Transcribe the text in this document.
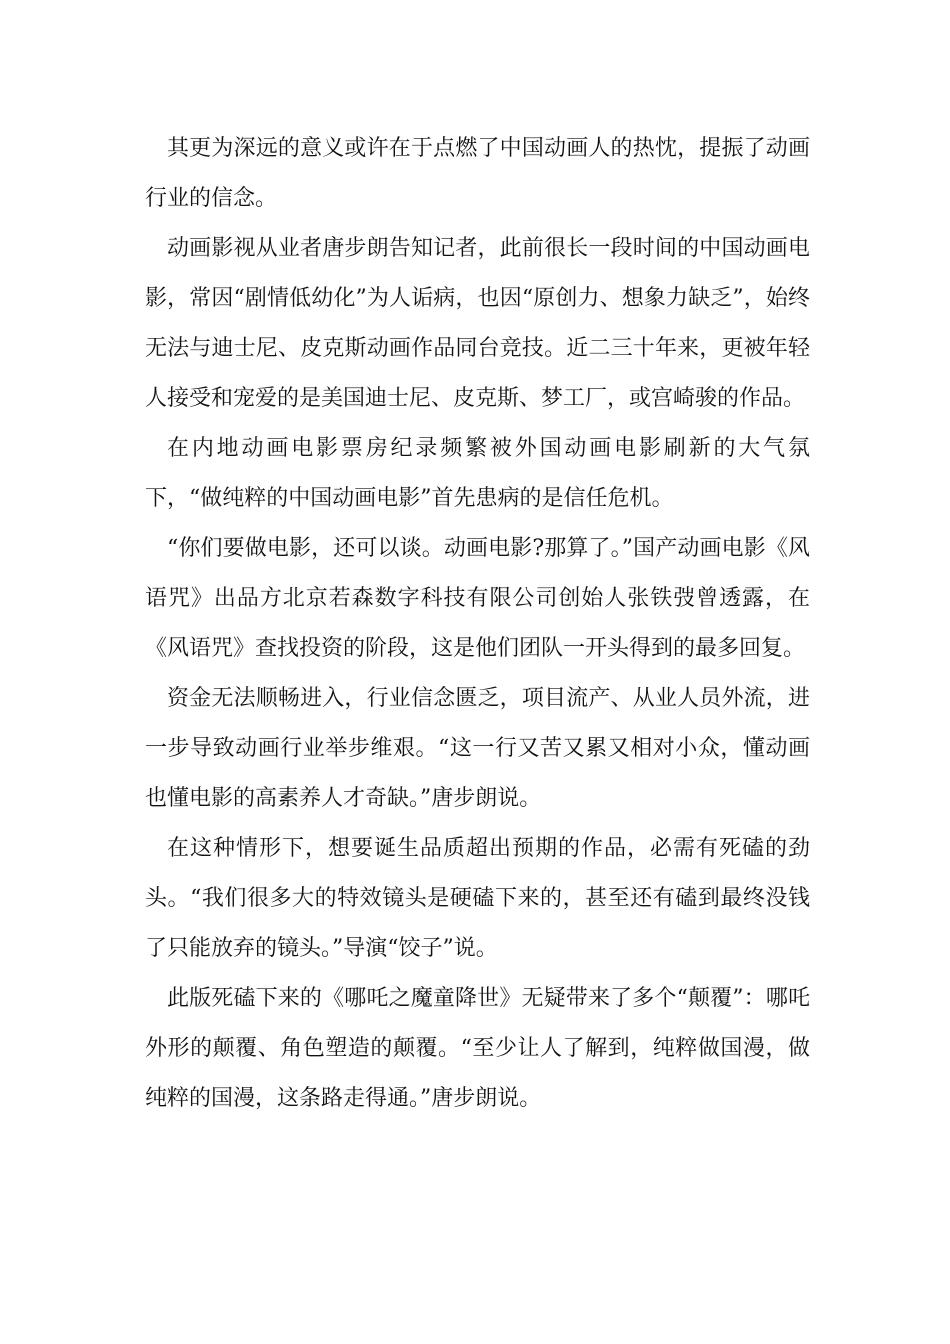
其更为深远的意义或许在于点燃了中国动画人的热忱，提振了动画行业的信念。

动画影视从业者唐步朗告知记者，此前很长一段时间的中国动画电影，常因“剧情低幼化”为人诟病，也因“原创力、想象力缺乏”，始终无法与迪士尼、皮克斯动画作品同台竞技。近二三十年来，更被年轻人接受和宠爱的是美国迪士尼、皮克斯、梦工厂，或宫崎骏的作品。

在内地动画电影票房纪录频繁被外国动画电影刷新的大气氛下，“做纯粹的中国动画电影”首先患病的是信任危机。

“你们要做电影，还可以谈。动画电影?那算了。”国产动画电影《风语咒》出品方北京若森数字科技有限公司创始人张铁弢曾透露，在《风语咒》查找投资的阶段，这是他们团队一开头得到的最多回复。

资金无法顺畅进入，行业信念匮乏，项目流产、从业人员外流，进一步导致动画行业举步维艰。“这一行又苦又累又相对小众，懂动画也懂电影的高素养人才奇缺。”唐步朗说。

在这种情形下，想要诞生品质超出预期的作品，必需有死磕的劲头。“我们很多大的特效镜头是硬磕下来的，甚至还有磕到最终没钱了只能放弃的镜头。”导演“饺子”说。

此版死磕下来的《哪吒之魔童降世》无疑带来了多个“颠覆”：哪吒外形的颠覆、角色塑造的颠覆。“至少让人了解到，纯粹做国漫，做纯粹的国漫，这条路走得通。”唐步朗说。
